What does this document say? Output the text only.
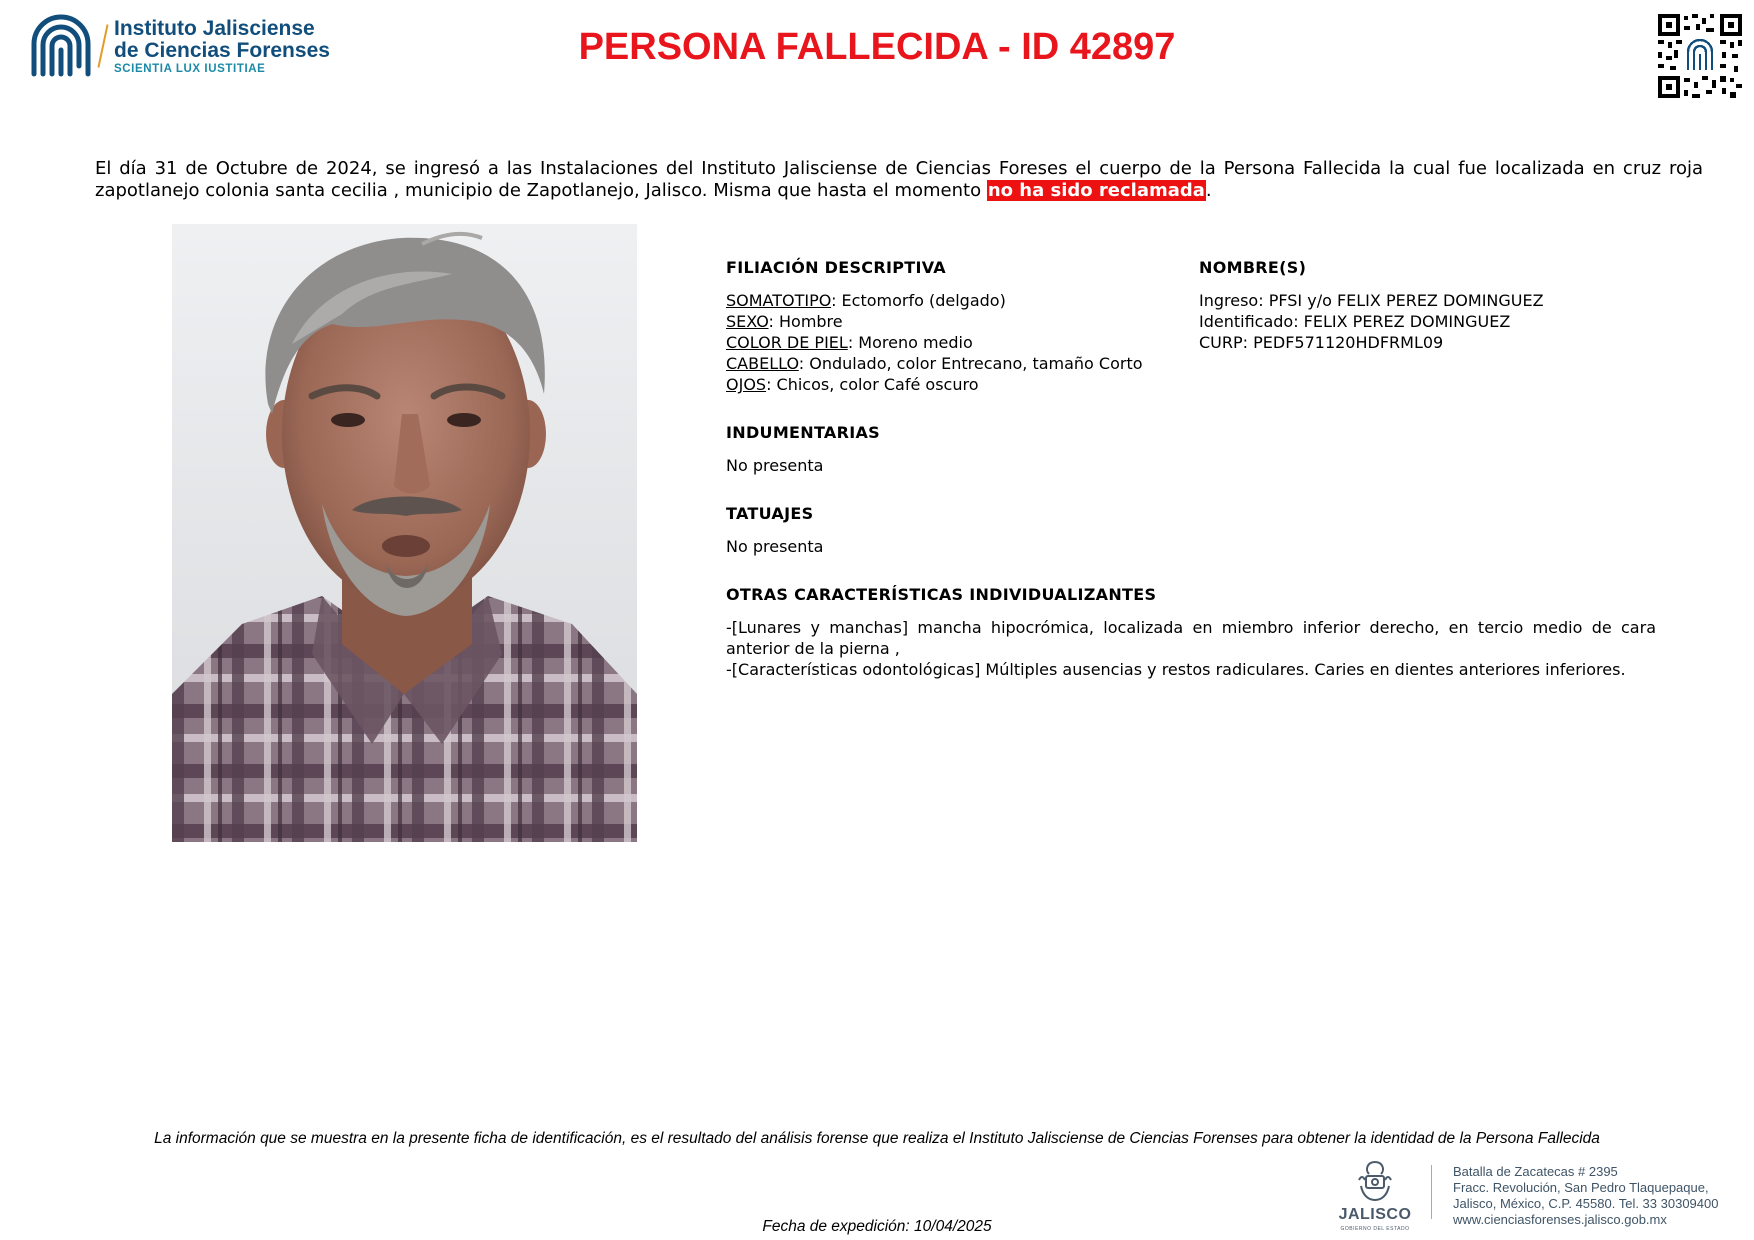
Instituto Jalisciense
de Ciencias Forenses
SCIENTIA LUX IUSTITIAE
PERSONA FALLECIDA - ID 42897
El día 31 de Octubre de 2024, se ingresó a las Instalaciones del Instituto Jalisciense de Ciencias Foreses el cuerpo de la Persona Fallecida la cual fue localizada en cruz roja zapotlanejo colonia santa cecilia , municipio de Zapotlanejo, Jalisco. Misma que hasta el momento no ha sido reclamada.
FILIACIÓN DESCRIPTIVA
SOMATOTIPO: Ectomorfo (delgado)
SEXO: Hombre
COLOR DE PIEL: Moreno medio
CABELLO: Ondulado, color Entrecano, tamaño Corto
OJOS: Chicos, color Café oscuro
INDUMENTARIAS
No presenta
TATUAJES
No presenta
OTRAS CARACTERÍSTICAS INDIVIDUALIZANTES
-[Lunares y manchas] mancha hipocrómica, localizada en miembro inferior derecho, en tercio medio de cara anterior de la pierna ,
-[Características odontológicas] Múltiples ausencias y restos radiculares. Caries en dientes anteriores inferiores.
NOMBRE(S)
Ingreso: PFSI y/o FELIX PEREZ DOMINGUEZ
Identificado: FELIX PEREZ DOMINGUEZ
CURP: PEDF571120HDFRML09
La información que se muestra en la presente ficha de identificación, es el resultado del análisis forense que realiza el Instituto Jalisciense de Ciencias Forenses para obtener la identidad de la Persona Fallecida
Fecha de expedición: 10/04/2025
JALISCO
GOBIERNO DEL ESTADO
Batalla de Zacatecas # 2395
Fracc. Revolución, San Pedro Tlaquepaque,
Jalisco, México, C.P. 45580. Tel. 33 30309400
www.cienciasforenses.jalisco.gob.mx
